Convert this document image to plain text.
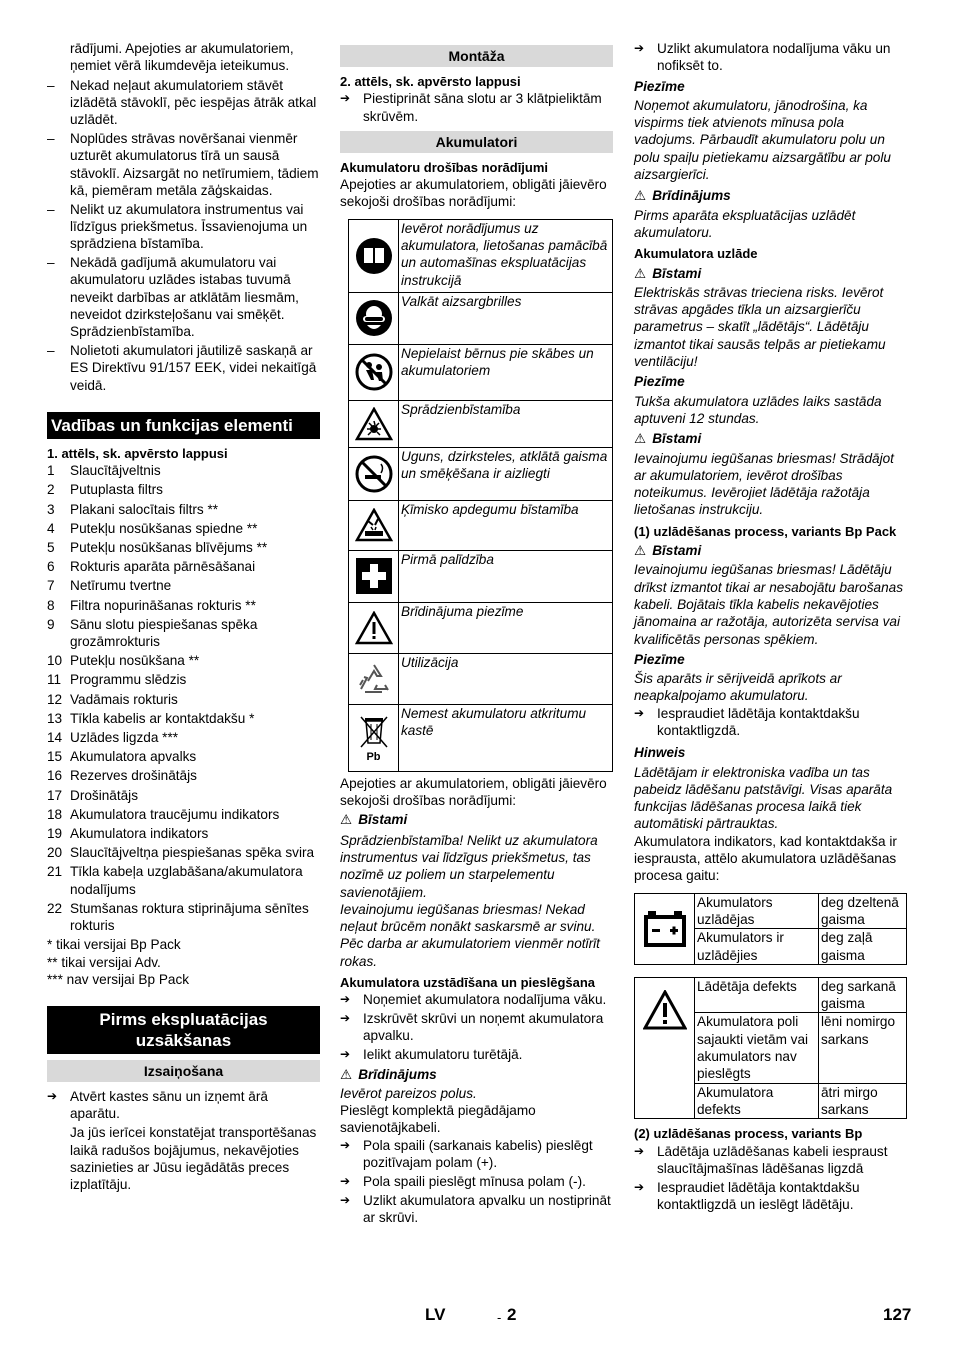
rādījumi. Apejoties ar akumulatoriem, ņemiet vērā likumdevēja ieteikumus.

–	Nekad neļaut akumulatoriem stāvēt izlādētā stāvoklī, pēc iespējas ātrāk atkal uzlādēt.
–	Noplūdes strāvas novēršanai vienmēr uzturēt akumulatorus tīrā un sausā stāvoklī. Aizsargāt no netīrumiem, tādiem kā, piemēram metāla zāģskaidas.
–	Nelikt uz akumulatora instrumentus vai līdzīgus priekšmetus. Īssavienojuma un sprādziena bīstamība.
–	Nekādā gadījumā akumulatoru vai akumulatoru uzlādes istabas tuvumā neveikt darbības ar atklātām liesmām, neveidot dzirksteļošanu vai smēķēt. Sprādzienbīstamība.
–	Nolietoti akumulatori jāutilizē saskaņā ar ES Direktīvu 91/157 EEK, videi nekaitīgā veidā.
Vadības un funkcijas elementi

1. attēls, sk. apvērsto lappusi

1	Slaucītājveltnis
2	Putuplasta filtrs
3	Plakani salocītais filtrs **
4	Putekļu nosūkšanas spiedne **
5	Putekļu nosūkšanas blīvējums **
6	Rokturis aparāta pārnēsāšanai
7	Netīrumu tvertne
8	Filtra nopurināšanas rokturis **
9	Sānu slotu piespiešanas spēka grozāmrokturis
10 Putekļu nosūkšana **
11 Programmu slēdzis
12 Vadāmais rokturis
13 Tīkla kabelis ar kontaktdakšu *
14 Uzlādes ligzda ***
15 Akumulatora apvalks
16 Rezerves drošinātājs
17 Drošinātājs
18 Akumulatora traucējumu indikators
19 Akumulatora indikators
20 Slaucītājveltņa piespiešanas spēka svira
21 Tīkla kabeļa uzglabāšana/akumulatora nodalījums
22 Stumšanas roktura stiprinājuma sēnītes rokturis

* tikai versijai Bp Pack

** tikai versijai Adv.

*** nav versijai Bp Pack

Pirms ekspluatācijas uzsākšanas
Izsaiņošana
➔ Atvērt kastes sānu un izņemt ārā aparātu.

Ja jūs ierīcei konstatējat transportēšanas laikā radušos bojājumus, nekavējoties sazinieties ar Jūsu iegādātās preces izplatītāju.

Montāža

2. attēls, sk. apvērsto lappusi

➔ Piestiprināt sāna slotu ar 3 klātpieliktām skrūvēm.
Akumulatori

Akumulatoru drošības norādījumi

Apejoties ar akumulatoriem, obligāti jāievēro sekojoši drošības norādījumi:

	Ievērot norādījumus uz akumulatora, lietošanas pamācībā un automašīnas ekspluatācijas instrukcijā

	Valkāt aizsargbrilles

	Nepielaist bērnus pie skābes un akumulatoriem

	Sprādzienbīstamība

	Uguns, dzirksteles, atklātā gaisma un smēķēšana ir aizliegti

	Ķīmisko apdegumu bīstamība

	Pirmā palīdzība

	Brīdinājuma piezīme

	Utilizācija

Pb	Nemest akumulatoru atkritumu kastē

Apejoties ar akumulatoriem, obligāti jāievēro sekojoši drošības norādījumi:

⚠ Bīstami

Sprādzienbīstamība! Nelikt uz akumulatora instrumentus vai līdzīgus priekšmetus, tas nozīmē uz poliem un starpelementu savienotājiem.

Ievainojumu iegūšanas briesmas! Nekad neļaut brūcēm nonākt saskarsmē ar svinu. Pēc darba ar akumulatoriem vienmēr notīrīt rokas.

Akumulatora uzstādīšana un pieslēgšana

➔ Noņemiet akumulatora nodalījuma vāku.
➔ Izskrūvēt skrūvi un noņemt akumulatora apvalku.
➔ Ielikt akumulatoru turētājā.

⚠ Brīdinājums

Ievērot pareizos polus.

Pieslēgt komplektā piegādājamo savienotājkabeli.

➔ Pola spaili (sarkanais kabelis) pieslēgt pozitīvajam polam (+).
➔ Pola spaili pieslēgt mīnusa polam (-).
➔ Uzlikt akumulatora apvalku un nostiprināt ar skrūvi.
➔ Uzlikt akumulatora nodalījuma vāku un nofiksēt to.

Piezīme

Noņemot akumulatoru, jānodrošina, ka vispirms tiek atvienots mīnusa pola vadojums. Pārbaudīt akumulatoru polu un polu spaiļu pietiekamu aizsargātību ar polu aizsargierīci.

⚠ Brīdinājums

Pirms aparāta ekspluatācijas uzlādēt akumulatoru.

Akumulatora uzlāde

⚠ Bīstami

Elektriskās strāvas trieciena risks. Ievērot strāvas apgādes tīkla un aizsargierīču parametrus – skatīt „lādētājs“. Lādētāju izmantot tikai sausās telpās ar pietiekamu ventilāciju!

Piezīme

Tukša akumulatora uzlādes laiks sastāda aptuveni 12 stundas.

⚠ Bīstami

Ievainojumu iegūšanas briesmas! Strādājot ar akumulatoriem, ievērot drošības noteikumus. Ievērojiet lādētāja ražotāja lietošanas instrukciju.

(1) uzlādēšanas process, variants Bp Pack

⚠ Bīstami

Ievainojumu iegūšanas briesmas! Lādētāju drīkst izmantot tikai ar nesabojātu barošanas kabeli. Bojātais tīkla kabelis nekavējoties jānomaina ar ražotāja, autorizēta servisa vai kvalificētās personas spēkiem.

Piezīme

Šis aparāts ir sērijveidā aprīkots ar neapkalpojamo akumulatoru.

➔ Iespraudiet lādētāja kontaktdakšu kontaktligzdā.

Hinweis

Lādētājam ir elektroniska vadība un tas pabeidz lādēšanu patstāvīgi. Visas aparāta funkcijas lādēšanas procesa laikā tiek automātiski pārtrauktas.

Akumulatora indikators, kad kontaktdakša ir iesprausta, attēlo akumulatora uzlādēšanas procesa gaitu:

	Akumulators uzlādējas	deg dzeltenā gaisma
	Akumulators ir uzlādējies	deg zaļā gaisma
	Lādētāja defekts	deg sarkanā gaisma
	Akumulatora poli sajaukti vietām vai akumulators nav pieslēgts	lēni nomirgo sarkans
	Akumulatora defekts	ātri mirgo sarkans

(2) uzlādēšanas process, variants Bp

➔ Lādētāja uzlādēšanas kabeli iespraust slaucītājmašīnas lādēšanas ligzdā
➔ Iespraudiet lādētāja kontaktdakšu kontaktligzdā un ieslēgt lādētāju.
LV	- 2	127
